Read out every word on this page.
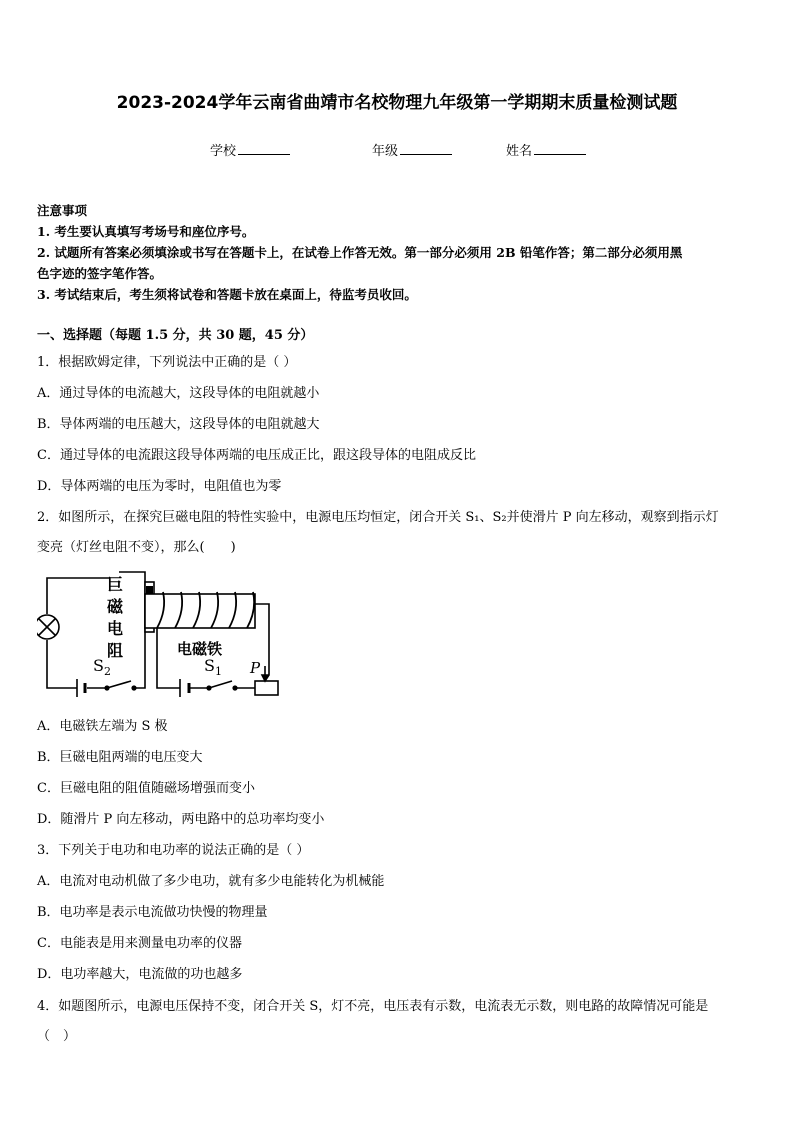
2023-2024学年云南省曲靖市名校物理九年级第一学期期末质量检测试题
学校	年级	姓名
注意事项
1. 考生要认真填写考场号和座位序号。
2. 试题所有答案必须填涂或书写在答题卡上，在试卷上作答无效。第一部分必须用 2B 铅笔作答；第二部分必须用黑
色字迹的签字笔作答。
3. 考试结束后，考生须将试卷和答题卡放在桌面上，待监考员收回。
一、选择题（每题 1.5 分，共 30 题，45 分）
1．根据欧姆定律，下列说法中正确的是（ ）
A．通过导体的电流越大，这段导体的电阻就越小
B．导体两端的电压越大，这段导体的电阻就越大
C．通过导体的电流跟这段导体两端的电压成正比，跟这段导体的电阻成反比
D．导体两端的电压为零时，电阻值也为零
2．如图所示，在探究巨磁电阻的特性实验中，电源电压均恒定，闭合开关 S₁、S₂并使滑片 P 向左移动，观察到指示灯
变亮（灯丝电阻不变），那么(　　)
$S_2$
巨
磁
电
阻	电磁铁
$S_1$ P
A．电磁铁左端为 S 极
B．巨磁电阻两端的电压变大
C．巨磁电阻的阻值随磁场增强而变小
D．随滑片 P 向左移动，两电路中的总功率均变小
3．下列关于电功和电功率的说法正确的是（ ）
A．电流对电动机做了多少电功，就有多少电能转化为机械能
B．电功率是表示电流做功快慢的物理量
C．电能表是用来测量电功率的仪器
D．电功率越大，电流做的功也越多
4．如题图所示，电源电压保持不变，闭合开关 S，灯不亮，电压表有示数，电流表无示数，则电路的故障情况可能是
（　）
